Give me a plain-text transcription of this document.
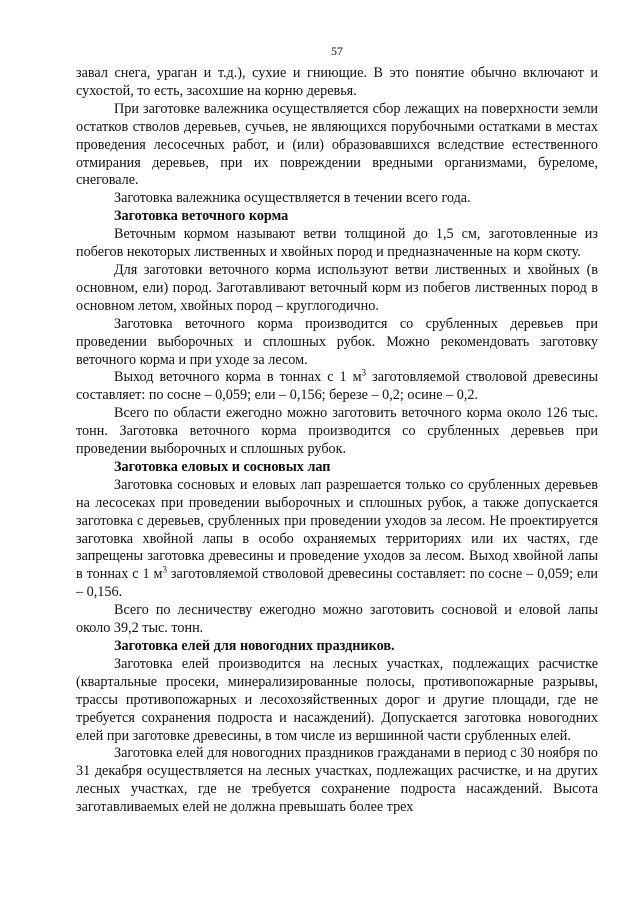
57

завал снега, ураган и т.д.), сухие и гниющие. В это понятие обычно включают и сухостой, то есть, засохшие на корню деревья.

При заготовке валежника осуществляется сбор лежащих на поверхности земли остатков стволов деревьев, сучьев, не являющихся порубочными остатками в местах проведения лесосечных работ, и (или) образовавшихся вследствие естественного отмирания деревьев, при их повреждении вредными организмами, буреломе, снеговале.

Заготовка валежника осуществляется в течении всего года.

Заготовка веточного корма

Веточным кормом называют ветви толщиной до 1,5 см, заготовленные из побегов некоторых лиственных и хвойных пород и предназначенные на корм скоту.

Для заготовки веточного корма используют ветви лиственных и хвойных (в основном, ели) пород. Заготавливают веточный корм из побегов лиственных пород в основном летом, хвойных пород – круглогодично.

Заготовка веточного корма производится со срубленных деревьев при проведении выборочных и сплошных рубок. Можно рекомендовать заготовку веточного корма и при уходе за лесом.

Выход веточного корма в тоннах с 1 $м^3$ заготовляемой стволовой древесины составляет: по сосне – 0,059; ели – 0,156; березе – 0,2; осине – 0,2.

Всего по области ежегодно можно заготовить веточного корма около 126 тыс. тонн. Заготовка веточного корма производится со срубленных деревьев при проведении выборочных и сплошных рубок.

Заготовка еловых и сосновых лап

Заготовка сосновых и еловых лап разрешается только со срубленных деревьев на лесосеках при проведении выборочных и сплошных рубок, а также допускается заготовка с деревьев, срубленных при проведении уходов за лесом. Не проектируется заготовка хвойной лапы в особо охраняемых территориях или их частях, где запрещены заготовка древесины и проведение уходов за лесом. Выход хвойной лапы в тоннах с 1 $м^3$ заготовляемой стволовой древесины составляет: по сосне – 0,059; ели – 0,156.

Всего по лесничеству ежегодно можно заготовить сосновой и еловой лапы около 39,2 тыс. тонн.

Заготовка елей для новогодних праздников.

Заготовка елей производится на лесных участках, подлежащих расчистке (квартальные просеки, минерализированные полосы, противопожарные разрывы, трассы противопожарных и лесохозяйственных дорог и другие площади, где не требуется сохранения подроста и насаждений). Допускается заготовка новогодних елей при заготовке древесины, в том числе из вершинной части срубленных елей.

Заготовка елей для новогодних праздников гражданами в период с 30 ноября по 31 декабря осуществляется на лесных участках, подлежащих расчистке, и на других лесных участках, где не требуется сохранение подроста насаждений. Высота заготавливаемых елей не должна превышать более трех
